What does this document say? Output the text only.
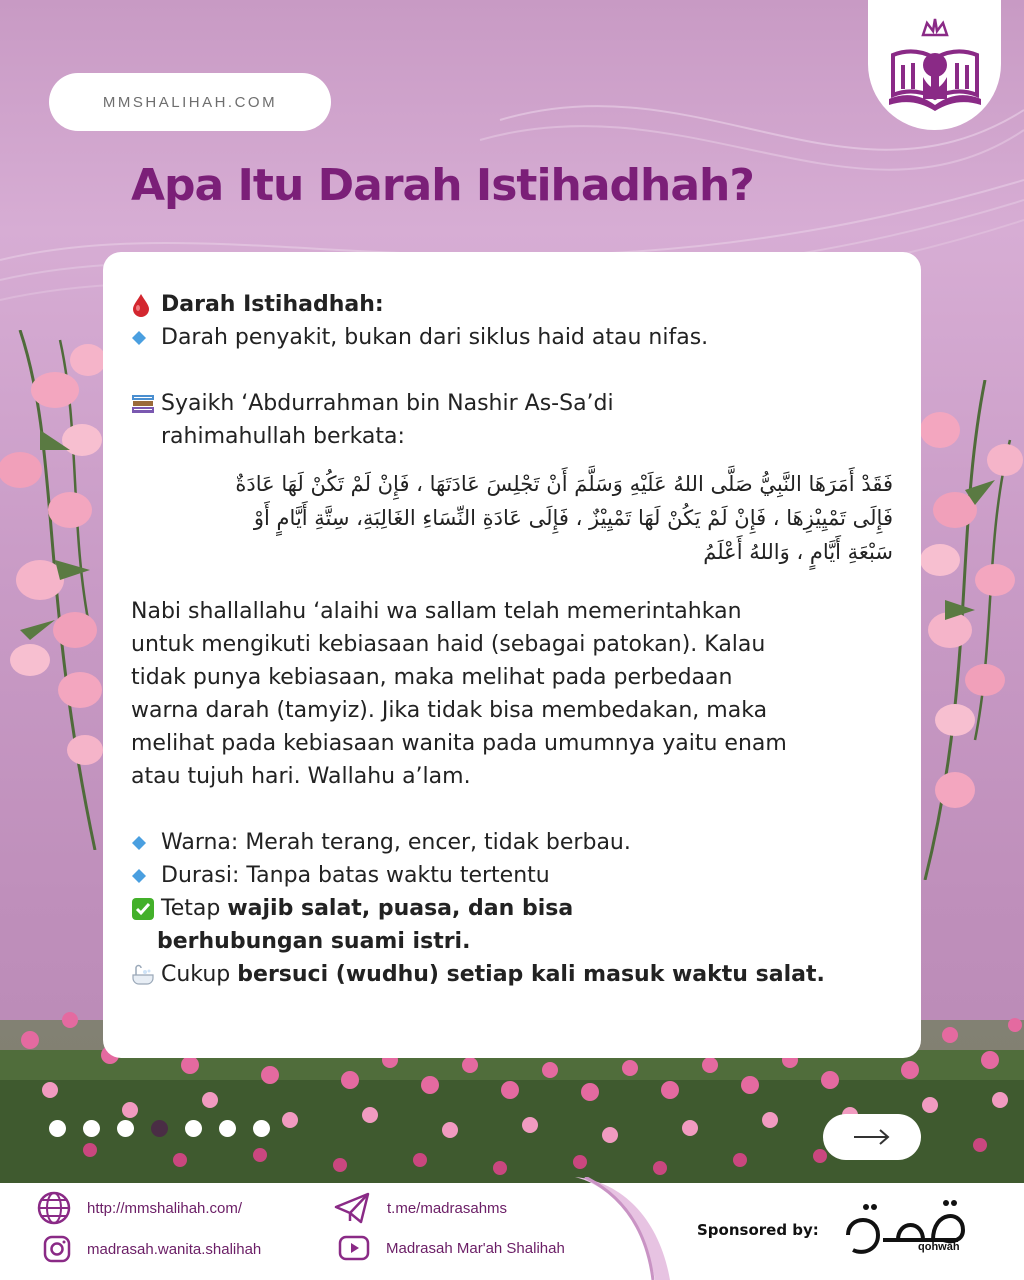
MMSHALIHAH.COM
Apa Itu Darah Istihadhah?
Darah Istihadhah:
Darah penyakit, bukan dari siklus haid atau nifas.
Syaikh ‘Abdurrahman bin Nashir As-Sa’di
rahimahullah berkata:
فَقَدْ أَمَرَهَا النَّبِيُّ صَلَّى اللهُ عَلَيْهِ وَسَلَّمَ أَنْ تَجْلِسَ عَادَتَهَا ، فَإِنْ لَمْ تَكُنْ لَهَا عَادَةٌ
فَإِلَى تَمْيِيْزِهَا ، فَإِنْ لَمْ يَكُنْ لَهَا تَمْيِيْزٌ ، فَإِلَى عَادَةِ النِّسَاءِ الغَالِبَةِ، سِتَّةِ أَيَّامٍ أَوْ
سَبْعَةِ أَيَّامٍ ، وَاللهُ أَعْلَمُ
Nabi shallallahu ‘alaihi wa sallam telah memerintahkan
untuk mengikuti kebiasaan haid (sebagai patokan). Kalau
tidak punya kebiasaan, maka melihat pada perbedaan
warna darah (tamyiz). Jika tidak bisa membedakan, maka
melihat pada kebiasaan wanita pada umumnya yaitu enam
atau tujuh hari. Wallahu a’lam.
Warna: Merah terang, encer, tidak berbau.
Durasi: Tanpa batas waktu tertentu
Tetap wajib salat, puasa, dan bisa
berhubungan suami istri.
Cukup bersuci (wudhu) setiap kali masuk waktu salat.
http://mmshalihah.com/
madrasah.wanita.shalihah
t.me/madrasahms
Madrasah Mar'ah Shalihah
Sponsored by:
qohwāh
